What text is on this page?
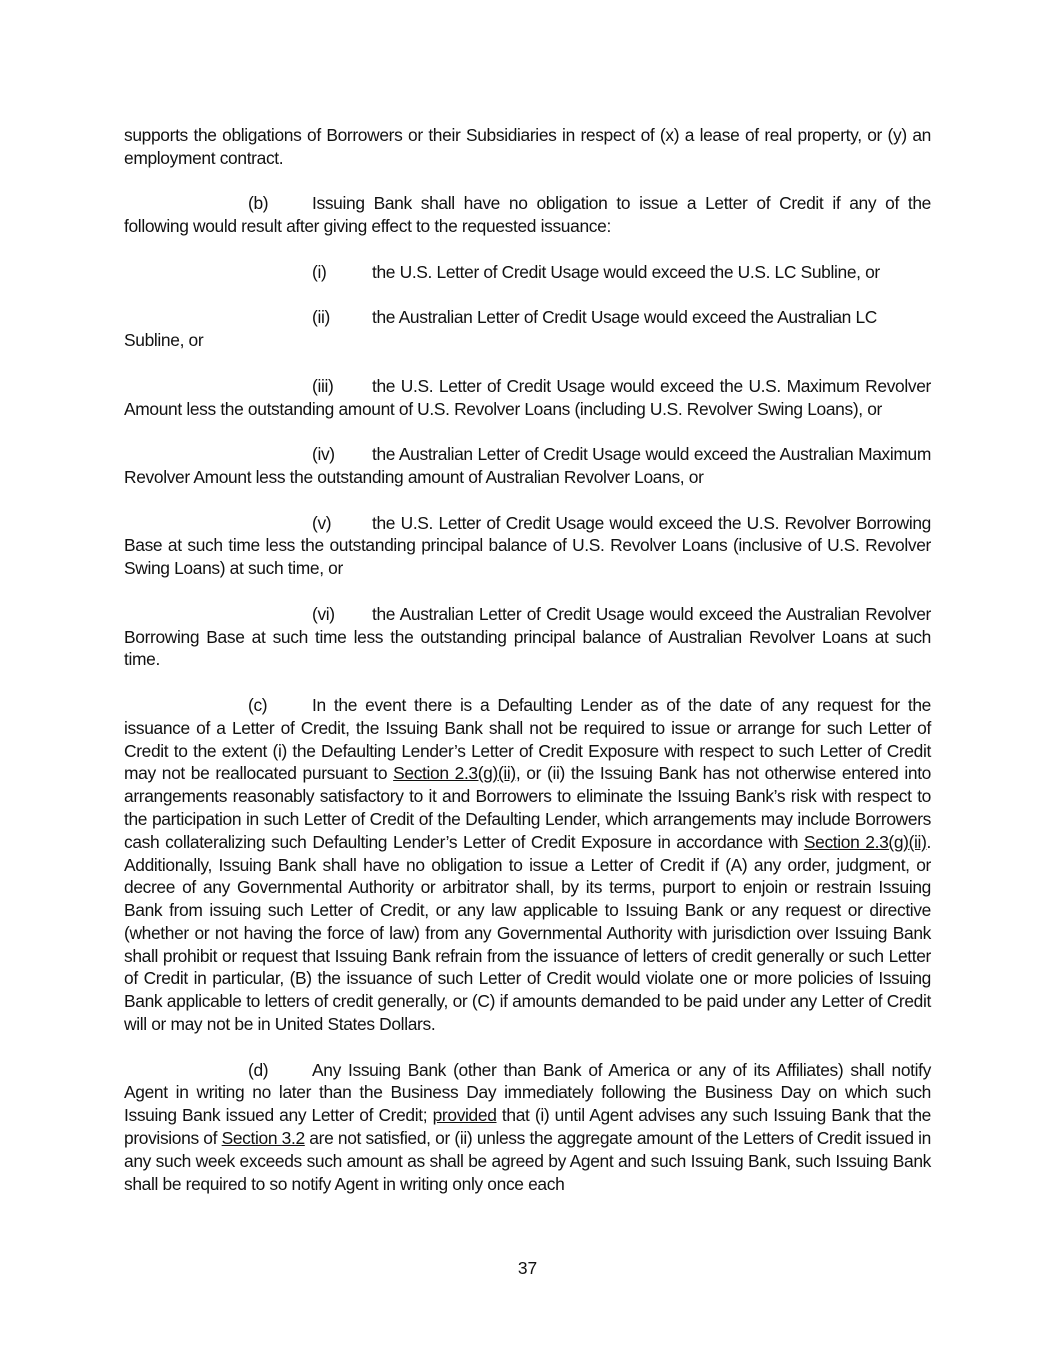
supports the obligations of Borrowers or their Subsidiaries in respect of (x) a lease of real property, or (y) an employment contract.

(b)	Issuing Bank shall have no obligation to issue a Letter of Credit if any of the following would result after giving effect to the requested issuance:

(i)	the U.S. Letter of Credit Usage would exceed the U.S. LC Subline, or

(ii) the Australian Letter of Credit Usage would exceed the Australian LC

Subline, or

(iii) the U.S. Letter of Credit Usage would exceed the U.S. Maximum Revolver Amount less the outstanding amount of U.S. Revolver Loans (including U.S. Revolver Swing Loans), or

(iv) the Australian Letter of Credit Usage would exceed the Australian Maximum Revolver Amount less the outstanding amount of Australian Revolver Loans, or

(v) the U.S. Letter of Credit Usage would exceed the U.S. Revolver Borrowing Base at such time less the outstanding principal balance of U.S. Revolver Loans (inclusive of U.S. Revolver Swing Loans) at such time, or

(vi) the Australian Letter of Credit Usage would exceed the Australian Revolver Borrowing Base at such time less the outstanding principal balance of Australian Revolver Loans at such time.

(c)	In the event there is a Defaulting Lender as of the date of any request for the issuance of a Letter of Credit, the Issuing Bank shall not be required to issue or arrange for such Letter of Credit to the extent (i) the Defaulting Lender’s Letter of Credit Exposure with respect to such Letter of Credit may not be reallocated pursuant to Section 2.3(g)(ii), or (ii) the Issuing Bank has not otherwise entered into arrangements reasonably satisfactory to it and Borrowers to eliminate the Issuing Bank’s risk with respect to the participation in such Letter of Credit of the Defaulting Lender, which arrangements may include Borrowers cash collateralizing such Defaulting Lender’s Letter of Credit Exposure in accordance with Section 2.3(g)(ii). Additionally, Issuing Bank shall have no obligation to issue a Letter of Credit if (A) any order, judgment, or decree of any Governmental Authority or arbitrator shall, by its terms, purport to enjoin or restrain Issuing Bank from issuing such Letter of Credit, or any law applicable to Issuing Bank or any request or directive (whether or not having the force of law) from any Governmental Authority with jurisdiction over Issuing Bank shall prohibit or request that Issuing Bank refrain from the issuance of letters of credit generally or such Letter of Credit in particular, (B) the issuance of such Letter of Credit would violate one or more policies of Issuing Bank applicable to letters of credit generally, or (C) if amounts demanded to be paid under any Letter of Credit will or may not be in United States Dollars.

(d)	Any Issuing Bank (other than Bank of America or any of its Affiliates) shall notify Agent in writing no later than the Business Day immediately following the Business Day on which such Issuing Bank issued any Letter of Credit; provided that (i) until Agent advises any such Issuing Bank that the provisions of Section 3.2 are not satisfied, or (ii) unless the aggregate amount of the Letters of Credit issued in any such week exceeds such amount as shall be agreed by Agent and such Issuing Bank, such Issuing Bank shall be required to so notify Agent in writing only once each

37
